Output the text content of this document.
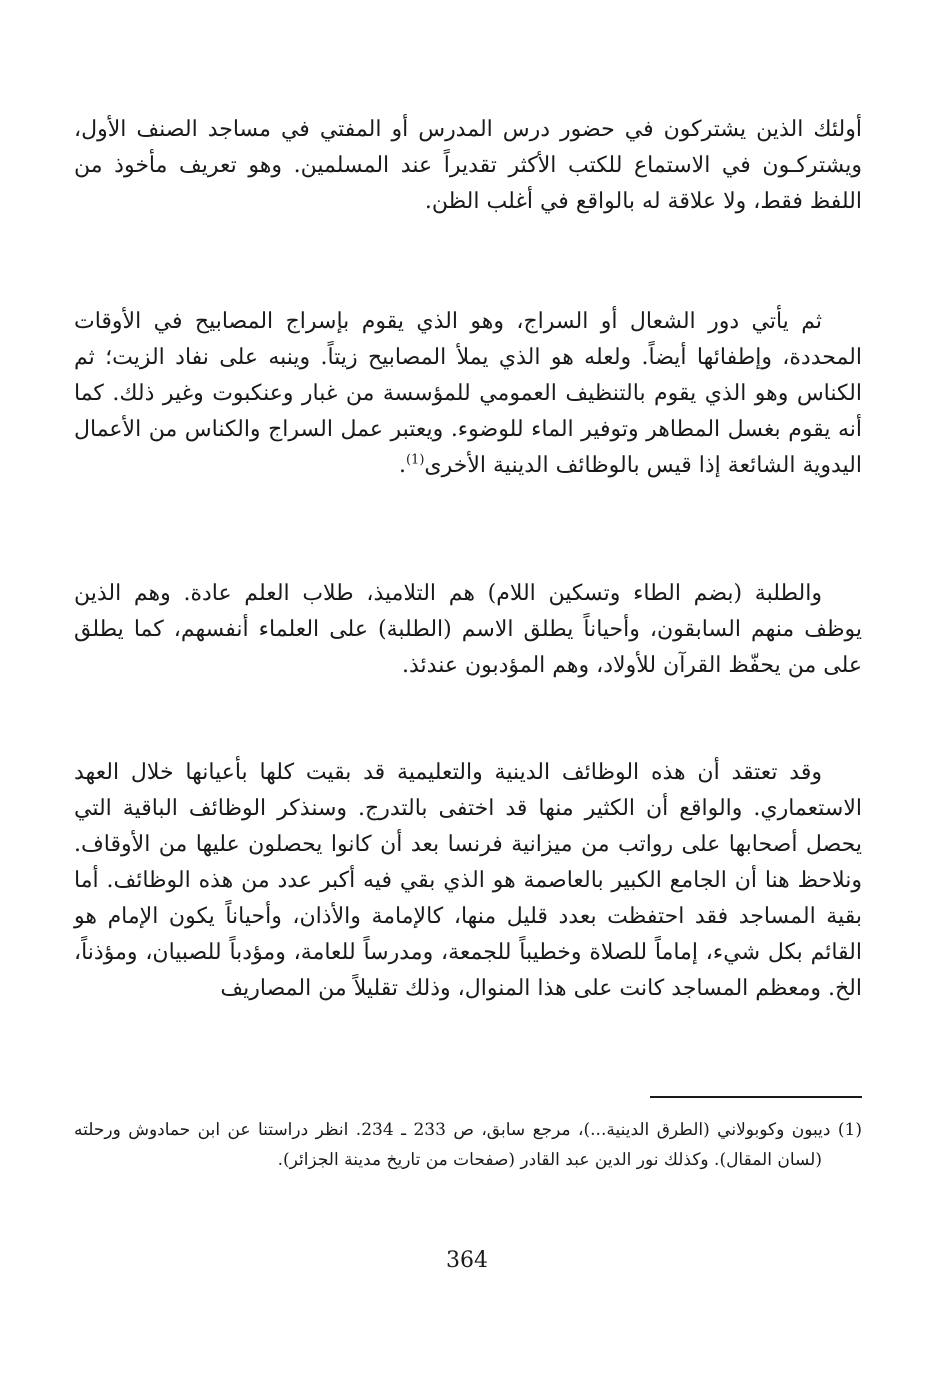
أولئك الذين يشتركون في حضور درس المدرس أو المفتي في مساجد الصنف الأول، ويشتركـون في الاستماع للكتب الأكثر تقديراً عند المسلمين. وهو تعريف مأخوذ من اللفظ فقط، ولا علاقة له بالواقع في أغلب الظن.

ثم يأتي دور الشعال أو السراج، وهو الذي يقوم بإسراج المصابيح في الأوقات المحددة، وإطفائها أيضاً. ولعله هو الذي يملأ المصابيح زيتاً. وينبه على نفاد الزيت؛ ثم الكناس وهو الذي يقوم بالتنظيف العمومي للمؤسسة من غبار وعنكبوت وغير ذلك. كما أنه يقوم بغسل المطاهر وتوفير الماء للوضوء. ويعتبر عمل السراج والكناس من الأعمال اليدوية الشائعة إذا قيس بالوظائف الدينية الأخرى$^{(1)}$.

والطلبة (بضم الطاء وتسكين اللام) هم التلاميذ، طلاب العلم عادة. وهم الذين يوظف منهم السابقون، وأحياناً يطلق الاسم (الطلبة) على العلماء أنفسهم، كما يطلق على من يحفّظ القرآن للأولاد، وهم المؤدبون عندئذ.

وقد تعتقد أن هذه الوظائف الدينية والتعليمية قد بقيت كلها بأعيانها خلال العهد الاستعماري. والواقع أن الكثير منها قد اختفى بالتدرج. وسنذكر الوظائف الباقية التي يحصل أصحابها على رواتب من ميزانية فرنسا بعد أن كانوا يحصلون عليها من الأوقاف. ونلاحظ هنا أن الجامع الكبير بالعاصمة هو الذي بقي فيه أكبر عدد من هذه الوظائف. أما بقية المساجد فقد احتفظت بعدد قليل منها، كالإمامة والأذان، وأحياناً يكون الإمام هو القائم بكل شيء، إماماً للصلاة وخطيباً للجمعة، ومدرساً للعامة، ومؤدباً للصبيان، ومؤذناً، الخ. ومعظم المساجد كانت على هذا المنوال، وذلك تقليلاً من المصاريف

(1) ديبون وكوبولاني (الطرق الدينية...)، مرجع سابق، ص 233 ـ 234. انظر دراستنا عن ابن حمادوش ورحلته (لسان المقال). وكذلك نور الدين عبد القادر (صفحات من تاريخ مدينة الجزائر).

364
